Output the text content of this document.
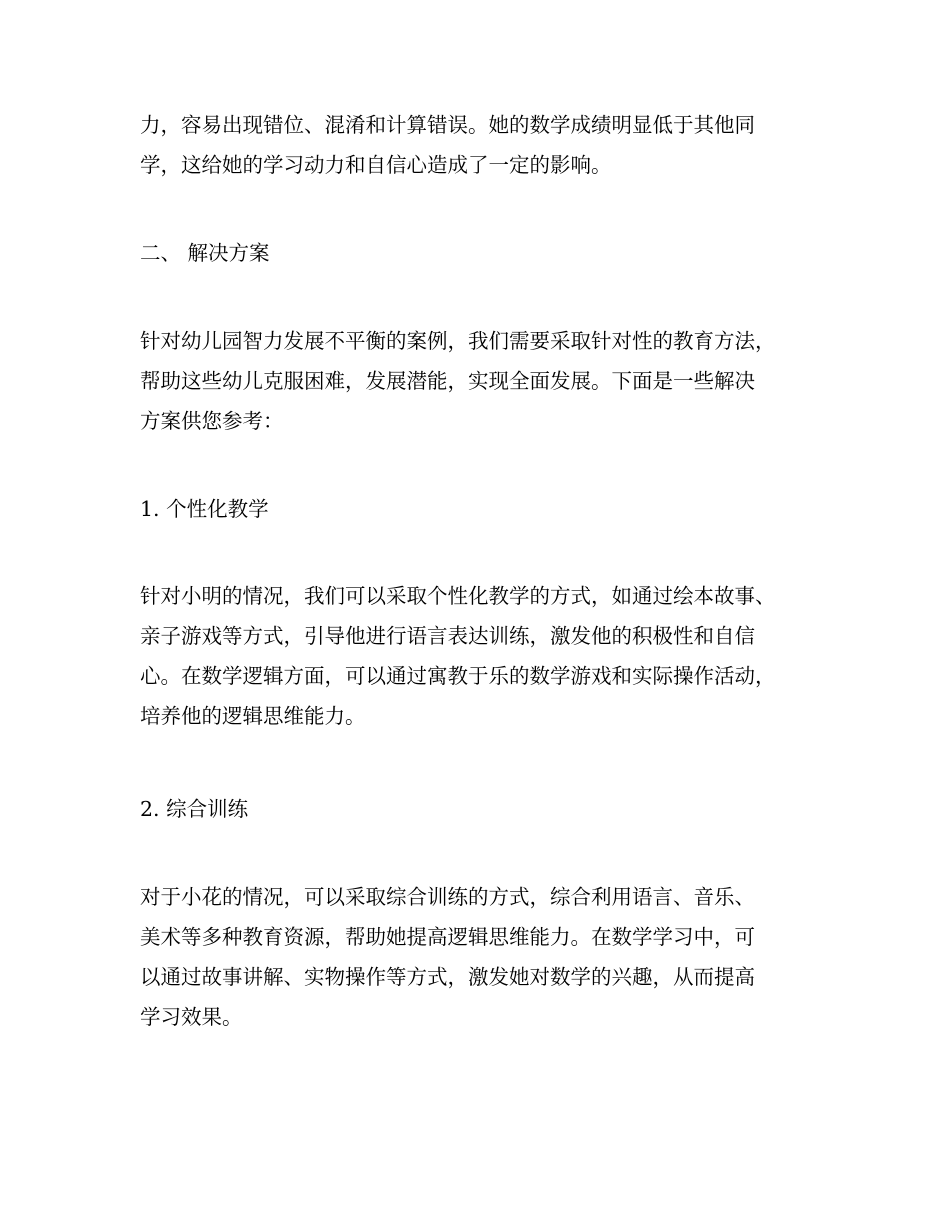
力，容易出现错位、混淆和计算错误。她的数学成绩明显低于其他同
学，这给她的学习动力和自信心造成了一定的影响。
二、 解决方案
针对幼儿园智力发展不平衡的案例，我们需要采取针对性的教育方法，
帮助这些幼儿克服困难，发展潜能，实现全面发展。下面是一些解决
方案供您参考：
1. 个性化教学
针对小明的情况，我们可以采取个性化教学的方式，如通过绘本故事、
亲子游戏等方式，引导他进行语言表达训练，激发他的积极性和自信
心。在数学逻辑方面，可以通过寓教于乐的数学游戏和实际操作活动，
培养他的逻辑思维能力。
2. 综合训练
对于小花的情况，可以采取综合训练的方式，综合利用语言、音乐、
美术等多种教育资源，帮助她提高逻辑思维能力。在数学学习中，可
以通过故事讲解、实物操作等方式，激发她对数学的兴趣，从而提高
学习效果。
